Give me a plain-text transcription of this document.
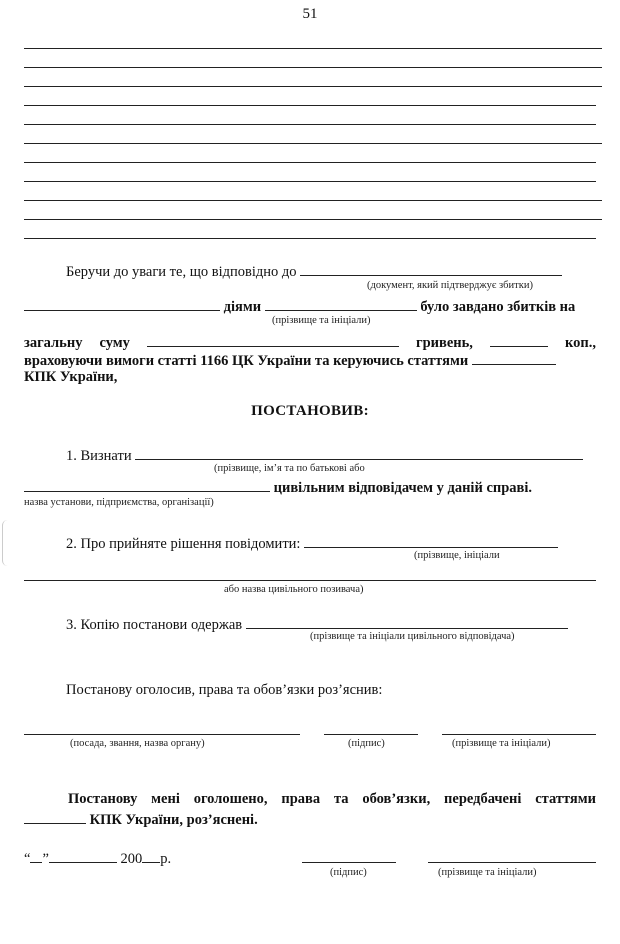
51
Беручи до уваги те, що відповідно до
(документ, який підтверджує збитки)
діями	було завдано збитків на
(прізвище та ініціали)
загальну суму	гривень,	коп.,
враховуючи вимоги статті 1166 ЦК України та керуючись статтями
КПК України,
ПОСТАНОВИВ:
1. Визнати
(прізвище, ім’я та по батькові або
цивільним відповідачем у даній справі.
назва установи, підприємства, організації)
2. Про прийняте рішення повідомити:
(прізвище, ініціали
або назва цивільного позивача)
3. Копію постанови одержав
(прізвище та ініціали цивільного відповідача)
Постанову оголосив, права та обов’язки роз’яснив:
(посада, звання, назва органу)	(підпис)	(прізвище та ініціали)
Постанову мені оголошено, права та обов’язки, передбачені статтями
КПК України, роз’яснені.
“ ”	200 р.
(підпис)	(прізвище та ініціали)
